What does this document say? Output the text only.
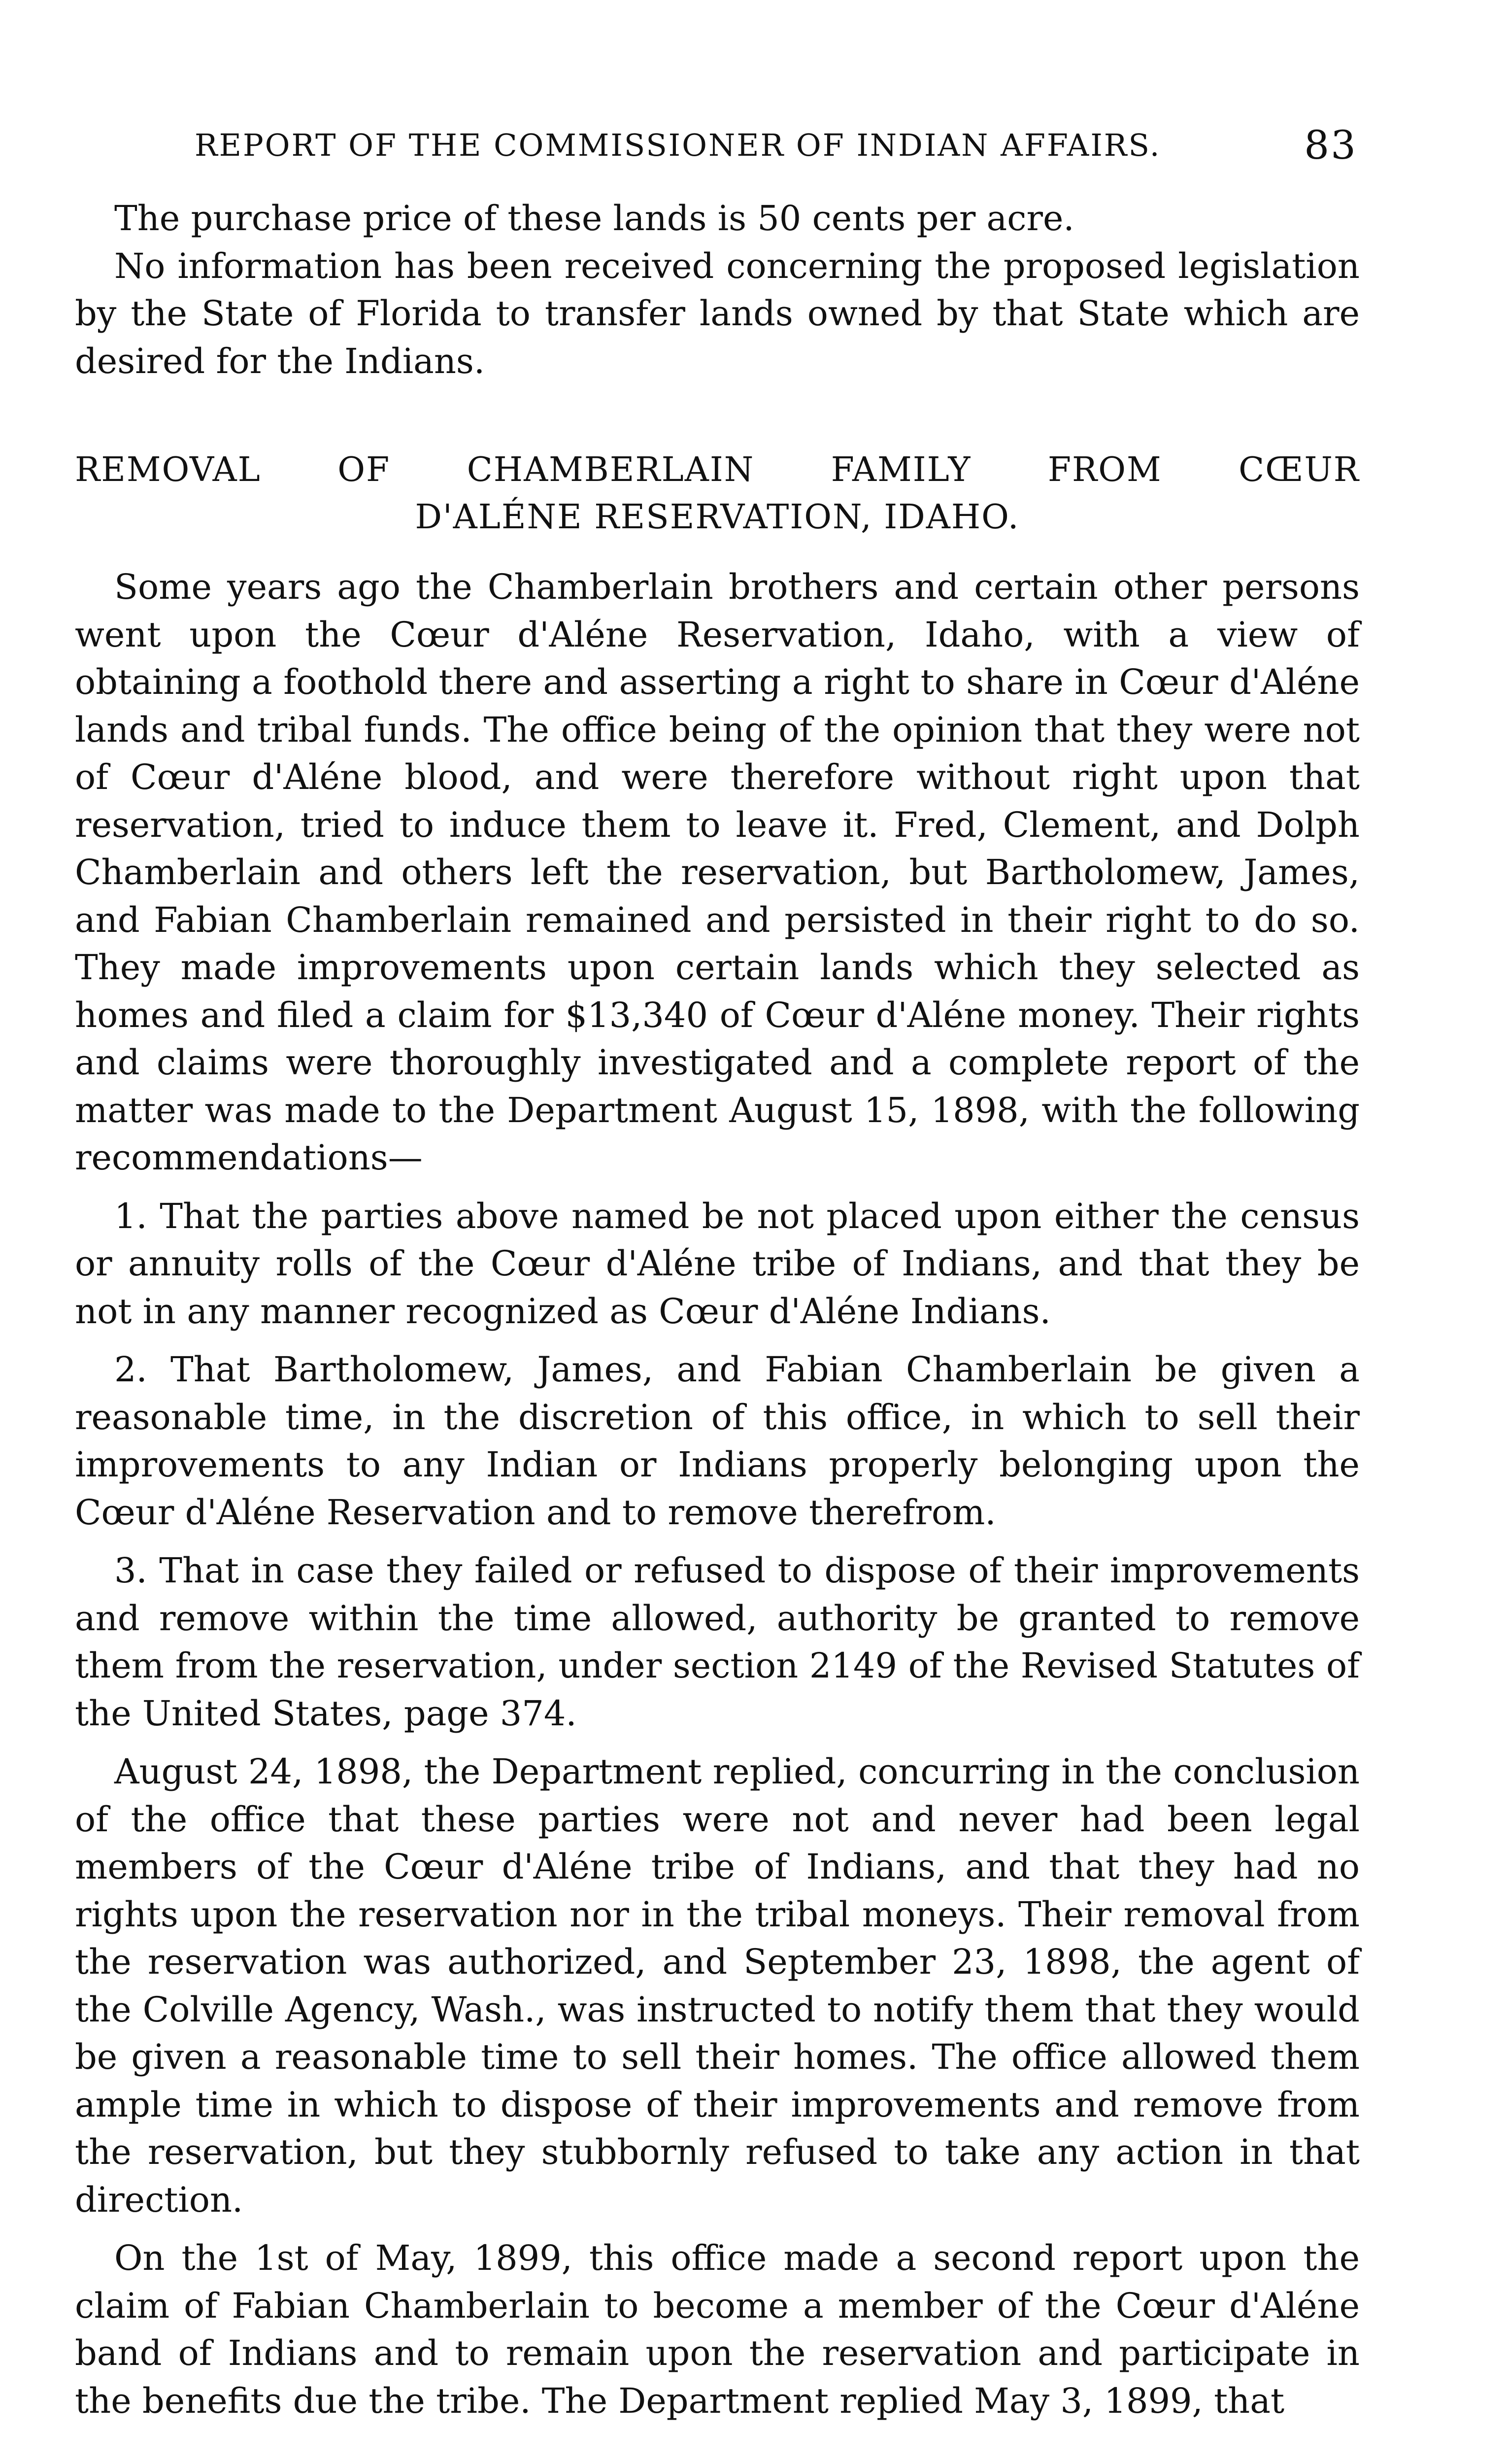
REPORT OF THE COMMISSIONER OF INDIAN AFFAIRS.	83

The purchase price of these lands is 50 cents per acre.

No information has been received concerning the proposed legislation by the State of Florida to transfer lands owned by that State which are desired for the Indians.

REMOVAL OF CHAMBERLAIN FAMILY FROM CŒUR
D'ALÉNE RESERVATION, IDAHO.

Some years ago the Chamberlain brothers and certain other persons went upon the Cœur d'Aléne Reservation, Idaho, with a view of obtaining a foothold there and asserting a right to share in Cœur d'Aléne lands and tribal funds. The office being of the opinion that they were not of Cœur d'Aléne blood, and were therefore without right upon that reservation, tried to induce them to leave it. Fred, Clement, and Dolph Chamberlain and others left the reservation, but Bartholomew, James, and Fabian Chamberlain remained and persisted in their right to do so. They made improvements upon certain lands which they selected as homes and filed a claim for $13,340 of Cœur d'Aléne money. Their rights and claims were thoroughly investigated and a complete report of the matter was made to the Department August 15, 1898, with the following recommendations—

1. That the parties above named be not placed upon either the census or annuity rolls of the Cœur d'Aléne tribe of Indians, and that they be not in any manner recognized as Cœur d'Aléne Indians.

2. That Bartholomew, James, and Fabian Chamberlain be given a reasonable time, in the discretion of this office, in which to sell their improvements to any Indian or Indians properly belonging upon the Cœur d'Aléne Reservation and to remove therefrom.

3. That in case they failed or refused to dispose of their improvements and remove within the time allowed, authority be granted to remove them from the reservation, under section 2149 of the Revised Statutes of the United States, page 374.

August 24, 1898, the Department replied, concurring in the conclusion of the office that these parties were not and never had been legal members of the Cœur d'Aléne tribe of Indians, and that they had no rights upon the reservation nor in the tribal moneys. Their removal from the reservation was authorized, and September 23, 1898, the agent of the Colville Agency, Wash., was instructed to notify them that they would be given a reasonable time to sell their homes. The office allowed them ample time in which to dispose of their improvements and remove from the reservation, but they stubbornly refused to take any action in that direction.

On the 1st of May, 1899, this office made a second report upon the claim of Fabian Chamberlain to become a member of the Cœur d'Aléne band of Indians and to remain upon the reservation and participate in the benefits due the tribe. The Department replied May 3, 1899, that
